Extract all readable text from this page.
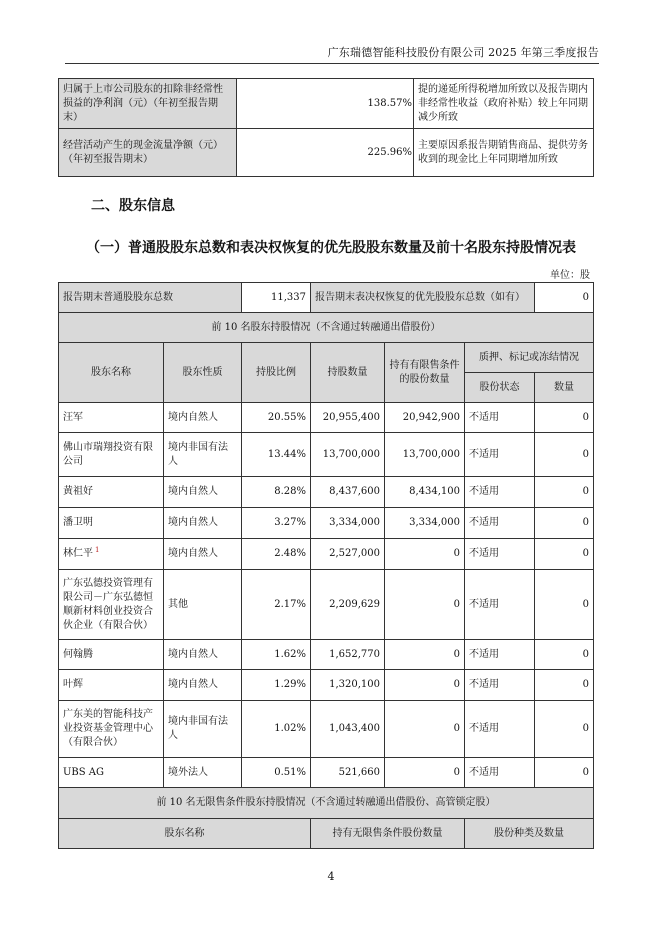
广东瑞德智能科技股份有限公司 2025 年第三季度报告
归属于上市公司股东的扣除非经常性损益的净利润（元）（年初至报告期末）	138.57%	提的递延所得税增加所致以及报告期内非经常性收益（政府补贴）较上年同期减少所致
经营活动产生的现金流量净额（元）（年初至报告期末）	225.96%	主要原因系报告期销售商品、提供劳务收到的现金比上年同期增加所致
二、股东信息
（一）普通股股东总数和表决权恢复的优先股股东数量及前十名股东持股情况表
单位：股
报告期末普通股股东总数		11,337	报告期末表决权恢复的优先股股东总数（如有）			0
前 10 名股东持股情况（不含通过转融通出借股份）						
股东名称	股东性质	持股比例	持股数量	持有有限售条件的股份数量	质押、标记或冻结情况	
					股份状态	数量
汪军	境内自然人	20.55%	20,955,400	20,942,900	不适用	0
佛山市瑞翔投资有限公司	境内非国有法人	13.44%	13,700,000	13,700,000	不适用	0
黄祖好	境内自然人	8.28%	8,437,600	8,434,100	不适用	0
潘卫明	境内自然人	3.27%	3,334,000	3,334,000	不适用	0
林仁平 $^1$	境内自然人	2.48%	2,527,000	0	不适用	0
广东弘德投资管理有限公司－广东弘德恒顺新材料创业投资合伙企业（有限合伙）	其他	2.17%	2,209,629	0	不适用	0
何翰腾	境内自然人	1.62%	1,652,770	0	不适用	0
叶辉	境内自然人	1.29%	1,320,100	0	不适用	0
广东美的智能科技产业投资基金管理中心（有限合伙）	境内非国有法人	1.02%	1,043,400	0	不适用	0
UBS AG	境外法人	0.51%	521,660	0	不适用	0
前 10 名无限售条件股东持股情况（不含通过转融通出借股份、高管锁定股）						
股东名称			持有无限售条件股份数量		股份种类及数量	
4
